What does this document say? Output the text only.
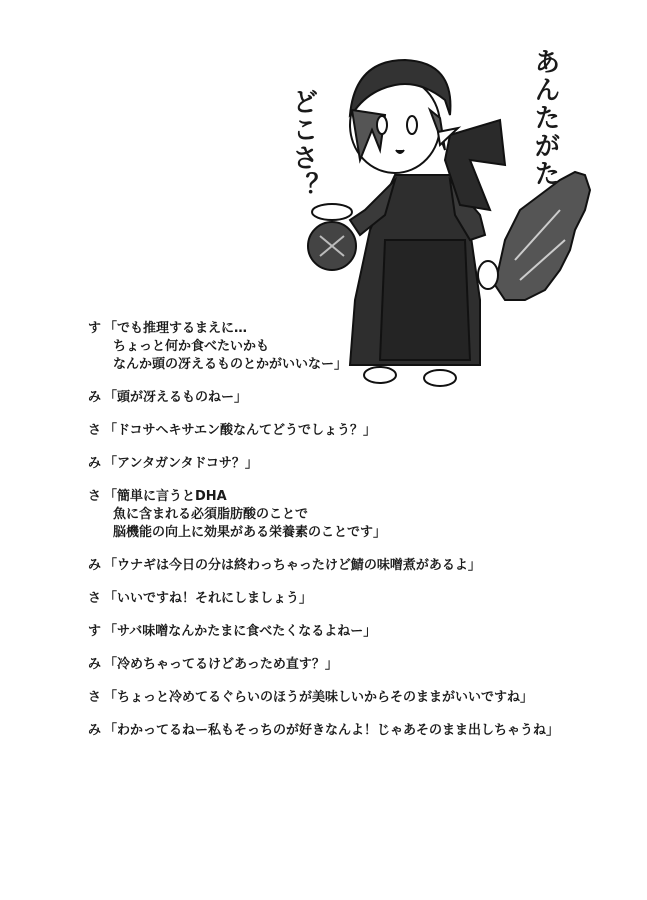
あんたがた
どこさ？
す 「でも推理するまえに…
ちょっと何か食べたいかも
なんか頭の冴えるものとかがいいなー」
み 「頭が冴えるものねー」
さ 「ドコサヘキサエン酸なんてどうでしょう？」
み 「アンタガンタドコサ？」
さ 「簡単に言うとDHA
魚に含まれる必須脂肪酸のことで
脳機能の向上に効果がある栄養素のことです」
み 「ウナギは今日の分は終わっちゃったけど鯖の味噌煮があるよ」
さ 「いいですね！それにしましょう」
す 「サバ味噌なんかたまに食べたくなるよねー」
み 「冷めちゃってるけどあっため直す？」
さ 「ちょっと冷めてるぐらいのほうが美味しいからそのままがいいですね」
み 「わかってるねー私もそっちのが好きなんよ！じゃあそのまま出しちゃうね」
